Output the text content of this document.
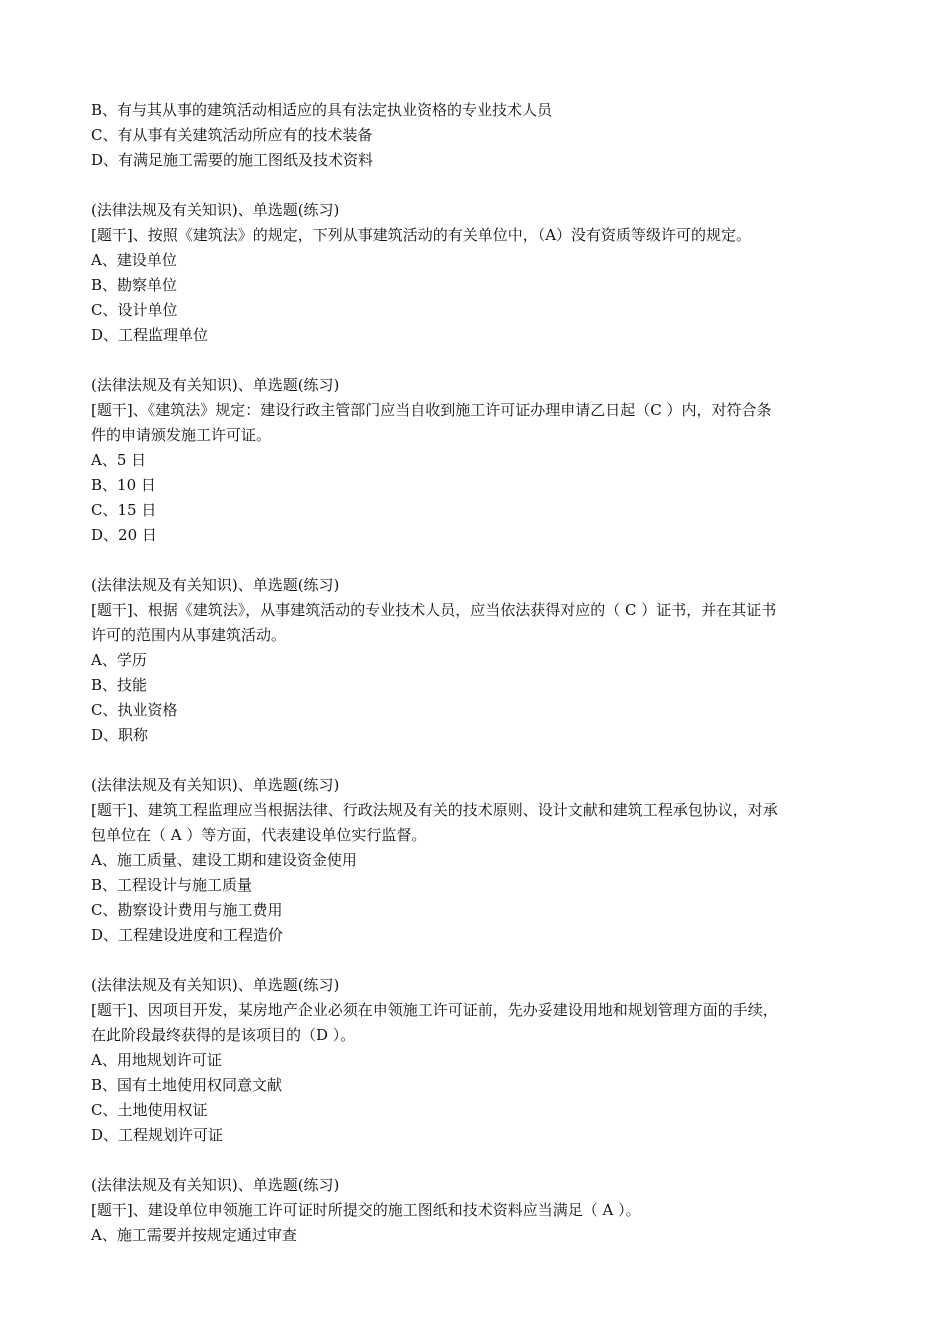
B、有与其从事的建筑活动相适应的具有法定执业资格的专业技术人员
C、有从事有关建筑活动所应有的技术装备
D、有满足施工需要的施工图纸及技术资料
(法律法规及有关知识)、单选题(练习)
[题干]、按照《建筑法》的规定，下列从事建筑活动的有关单位中，（A）没有资质等级许可的规定。
A、建设单位
B、勘察单位
C、设计单位
D、工程监理单位
(法律法规及有关知识)、单选题(练习)
[题干]、《建筑法》规定：建设行政主管部门应当自收到施工许可证办理申请乙日起（C ）内，对符合条
件的申请颁发施工许可证。
A、5 日
B、10 日
C、15 日
D、20 日
(法律法规及有关知识)、单选题(练习)
[题干]、根据《建筑法》，从事建筑活动的专业技术人员，应当依法获得对应的（ C ）证书，并在其证书
许可的范围内从事建筑活动。
A、学历
B、技能
C、执业资格
D、职称
(法律法规及有关知识)、单选题(练习)
[题干]、建筑工程监理应当根据法律、行政法规及有关的技术原则、设计文献和建筑工程承包协议，对承
包单位在（ A ）等方面，代表建设单位实行监督。
A、施工质量、建设工期和建设资金使用
B、工程设计与施工质量
C、勘察设计费用与施工费用
D、工程建设进度和工程造价
(法律法规及有关知识)、单选题(练习)
[题干]、因项目开发，某房地产企业必须在申领施工许可证前，先办妥建设用地和规划管理方面的手续，
在此阶段最终获得的是该项目的（D ）。
A、用地规划许可证
B、国有土地使用权同意文献
C、土地使用权证
D、工程规划许可证
(法律法规及有关知识)、单选题(练习)
[题干]、建设单位申领施工许可证时所提交的施工图纸和技术资料应当满足（ A ）。
A、施工需要并按规定通过审查
